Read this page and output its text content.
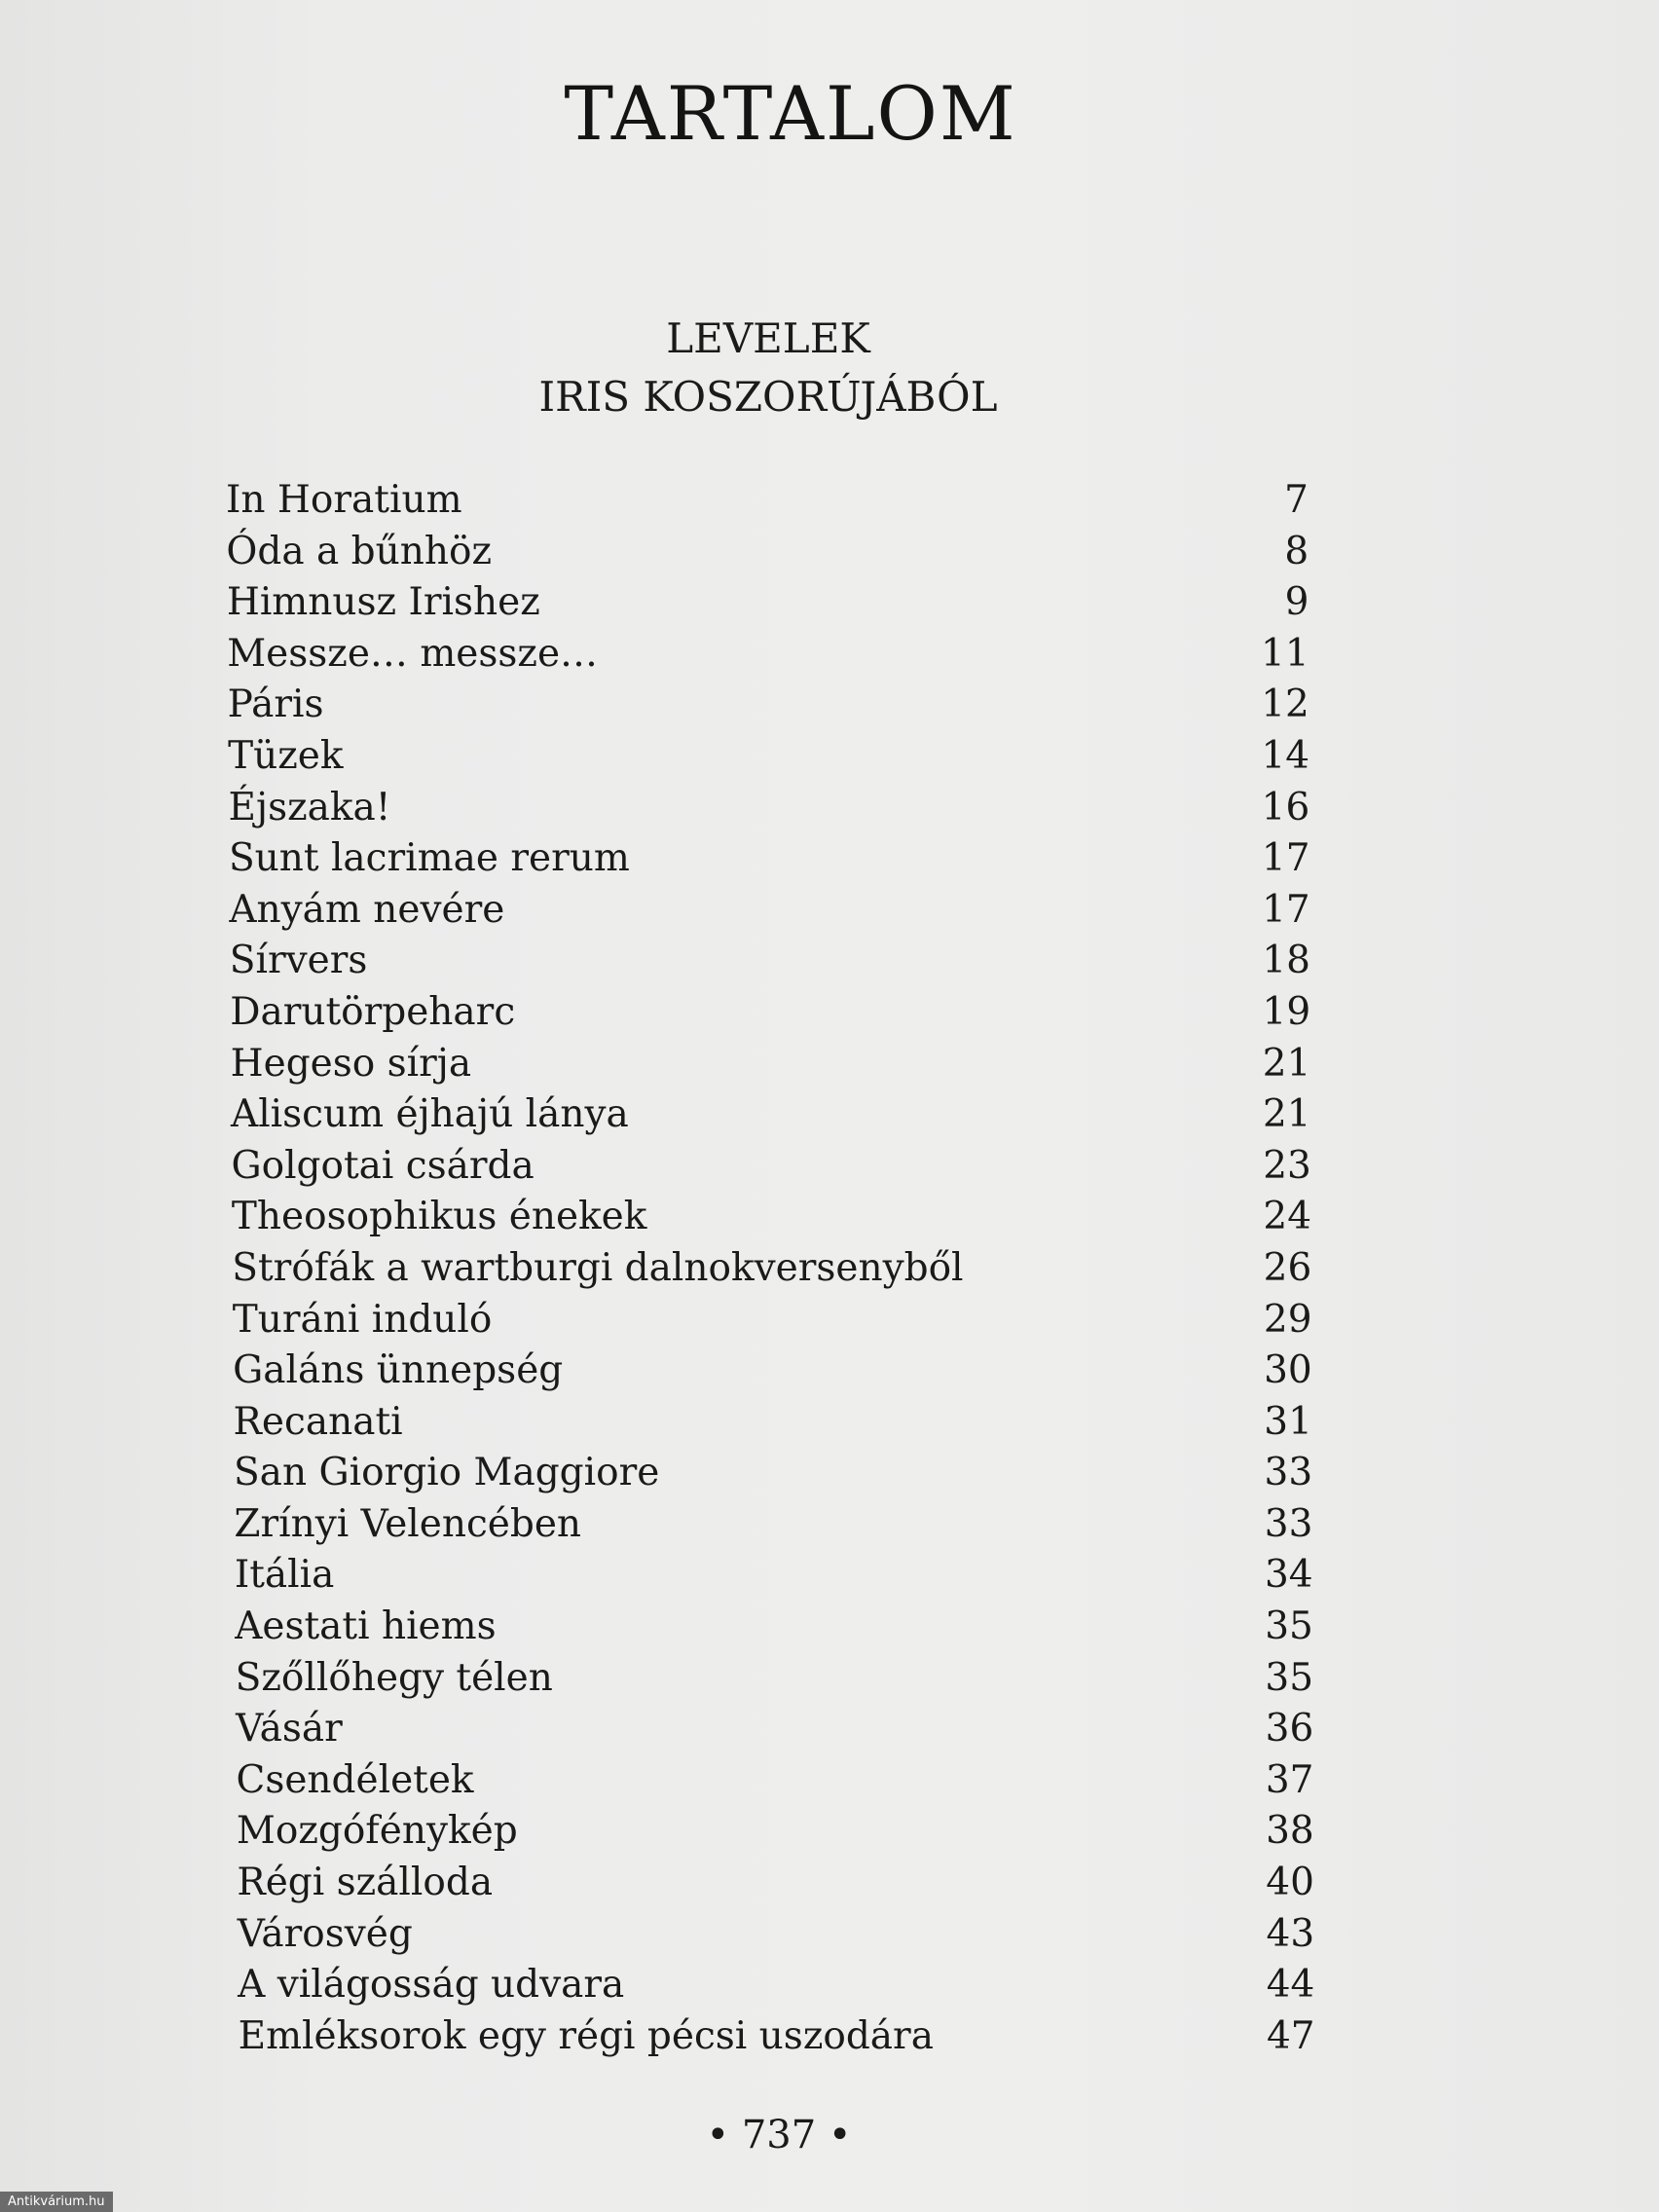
TARTALOM
LEVELEK
IRIS KOSZORÚJÁBÓL
In Horatium	7
Óda a bűnhöz	8
Himnusz Irishez	9
Messze… messze…	11
Páris	12
Tüzek	14
Éjszaka!	16
Sunt lacrimae rerum	17
Anyám nevére	17
Sírvers	18
Darutörpeharc	19
Hegeso sírja	21
Aliscum éjhajú lánya	21
Golgotai csárda	23
Theosophikus énekek	24
Strófák a wartburgi dalnokversenyből	26
Turáni induló	29
Galáns ünnepség	30
Recanati	31
San Giorgio Maggiore	33
Zrínyi Velencében	33
Itália	34
Aestati hiems	35
Szőllőhegy télen	35
Vásár	36
Csendéletek	37
Mozgófénykép	38
Régi szálloda	40
Városvég	43
A világosság udvara	44
Emléksorok egy régi pécsi uszodára	47
• 737 •
Antikvárium.hu
